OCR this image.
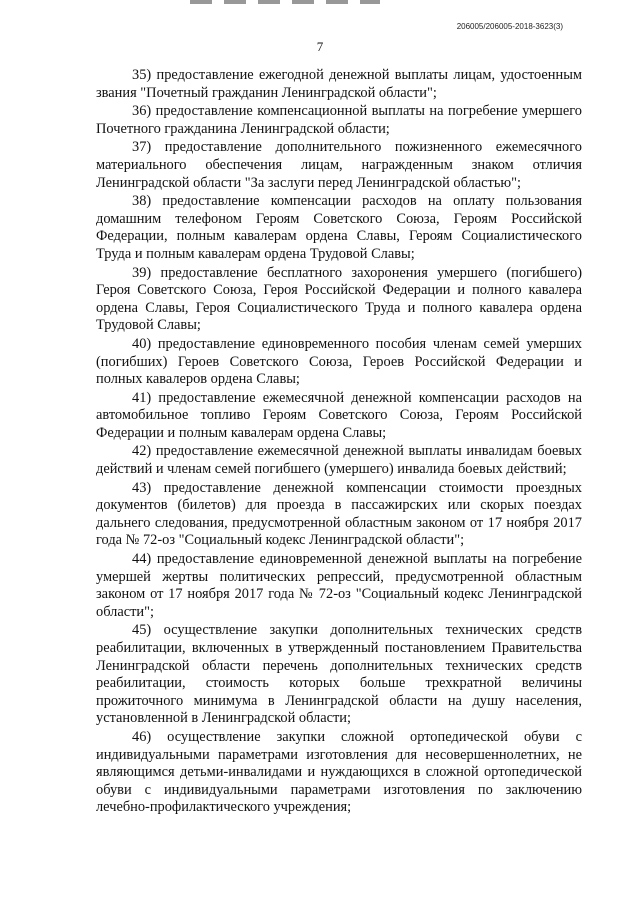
206005/206005-2018-3623(3)
7

35) предоставление ежегодной денежной выплаты лицам, удостоенным звания "Почетный гражданин Ленинградской области";

36) предоставление компенсационной выплаты на погребение умершего Почетного гражданина Ленинградской области;

37) предоставление дополнительного пожизненного ежемесячного материального обеспечения лицам, награжденным знаком отличия Ленинградской области "За заслуги перед Ленинградской областью";

38) предоставление компенсации расходов на оплату пользования домашним телефоном Героям Советского Союза, Героям Российской Федерации, полным кавалерам ордена Славы, Героям Социалистического Труда и полным кавалерам ордена Трудовой Славы;

39) предоставление бесплатного захоронения умершего (погибшего) Героя Советского Союза, Героя Российской Федерации и полного кавалера ордена Славы, Героя Социалистического Труда и полного кавалера ордена Трудовой Славы;

40) предоставление единовременного пособия членам семей умерших (погибших) Героев Советского Союза, Героев Российской Федерации и полных кавалеров ордена Славы;

41) предоставление ежемесячной денежной компенсации расходов на автомобильное топливо Героям Советского Союза, Героям Российской Федерации и полным кавалерам ордена Славы;

42) предоставление ежемесячной денежной выплаты инвалидам боевых действий и членам семей погибшего (умершего) инвалида боевых действий;

43) предоставление денежной компенсации стоимости проездных документов (билетов) для проезда в пассажирских или скорых поездах дальнего следования, предусмотренной областным законом от 17 ноября 2017 года № 72-оз "Социальный кодекс Ленинградской области";

44) предоставление единовременной денежной выплаты на погребение умершей жертвы политических репрессий, предусмотренной областным законом от 17 ноября 2017 года № 72-оз "Социальный кодекс Ленинградской области";

45) осуществление закупки дополнительных технических средств реабилитации, включенных в утвержденный постановлением Правительства Ленинградской области перечень дополнительных технических средств реабилитации, стоимость которых больше трехкратной величины прожиточного минимума в Ленинградской области на душу населения, установленной в Ленинградской области;

46) осуществление закупки сложной ортопедической обуви с индивидуальными параметрами изготовления для несовершеннолетних, не являющимся детьми-инвалидами и нуждающихся в сложной ортопедической обуви с индивидуальными параметрами изготовления по заключению лечебно-профилактического учреждения;
